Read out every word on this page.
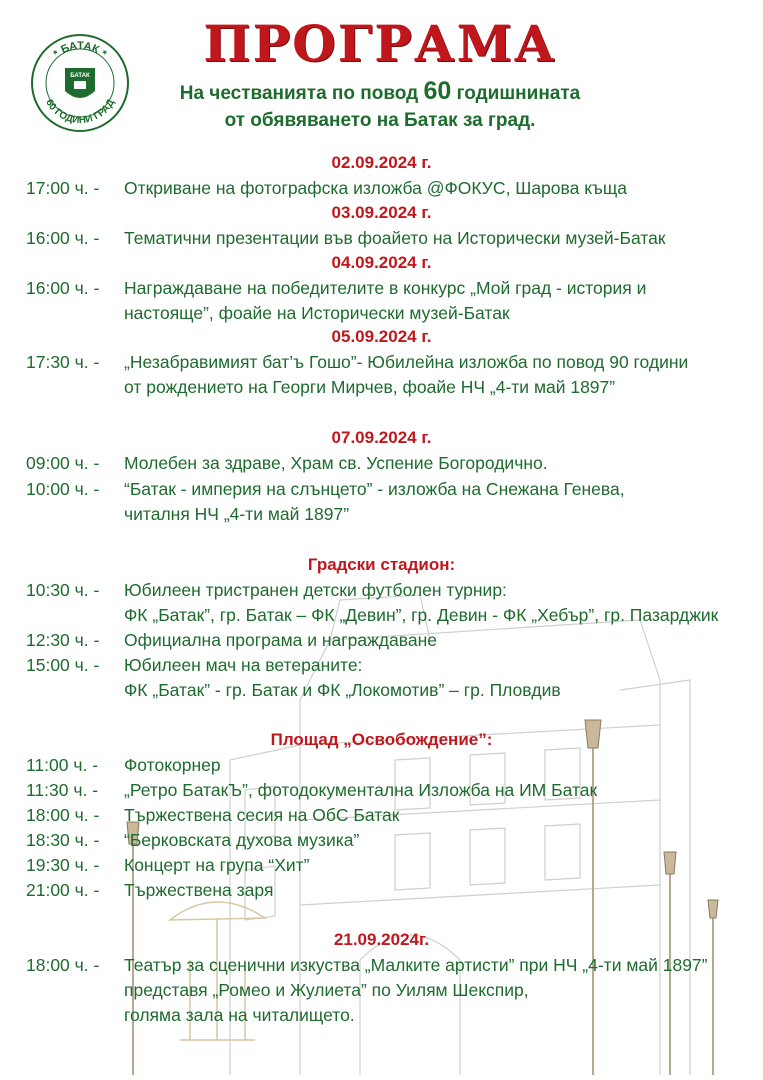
* БАТАК *
60 ГОДИНИ ГРАД
БАТАК
ПРОГРАМА
На честванията по повод 60 годишнината
от обявяването на Батак за град.
02.09.2024 г.
17:00 ч. - Откриване на фотографска изложба @ФОКУС, Шарова къща
03.09.2024 г.
16:00 ч. - Тематични презентации във фоайето на Исторически музей-Батак
04.09.2024 г.
16:00 ч. - Награждаване на победителите в конкурс „Мой град - история и
настояще”, фоайе на Исторически музей-Батак
05.09.2024 г.
17:30 ч. - „Незабравимият бат’ъ Гошо”- Юбилейна изложба по повод 90 години
от рождението на Георги Мирчев, фоайе НЧ „4-ти май 1897”
07.09.2024 г.
09:00 ч. - Молебен за здраве, Храм св. Успение Богородично.
10:00 ч. - “Батак - империя на слънцето” - изложба на Снежана Генева,
читалня НЧ „4-ти май 1897”
Градски стадион:
10:30 ч. - Юбилеен тристранен детски футболен турнир:
ФК „Батак”, гр. Батак – ФК „Девин”, гр. Девин - ФК „Хебър”, гр. Пазарджик
12:30 ч. - Официална програма и награждаване
15:00 ч. - Юбилеен мач на ветераните:
ФК „Батак” - гр. Батак и ФК „Локомотив” – гр. Пловдив
Площад „Освобождение”:
11:00 ч. - Фотокорнер
11:30 ч. - „Ретро БатакЪ”, фотодокументална Изложба на ИМ Батак
18:00 ч. - Тържествена сесия на ОбС Батак
18:30 ч. - “Берковската духова музика”
19:30 ч. - Концерт на група “Хит”
21:00 ч. - Тържествена заря
21.09.2024г.
18:00 ч. - Театър за сценични изкуства „Малките артисти” при НЧ „4-ти май 1897”
представя „Ромео и Жулиета” по Уилям Шекспир,
голяма зала на читалището.
